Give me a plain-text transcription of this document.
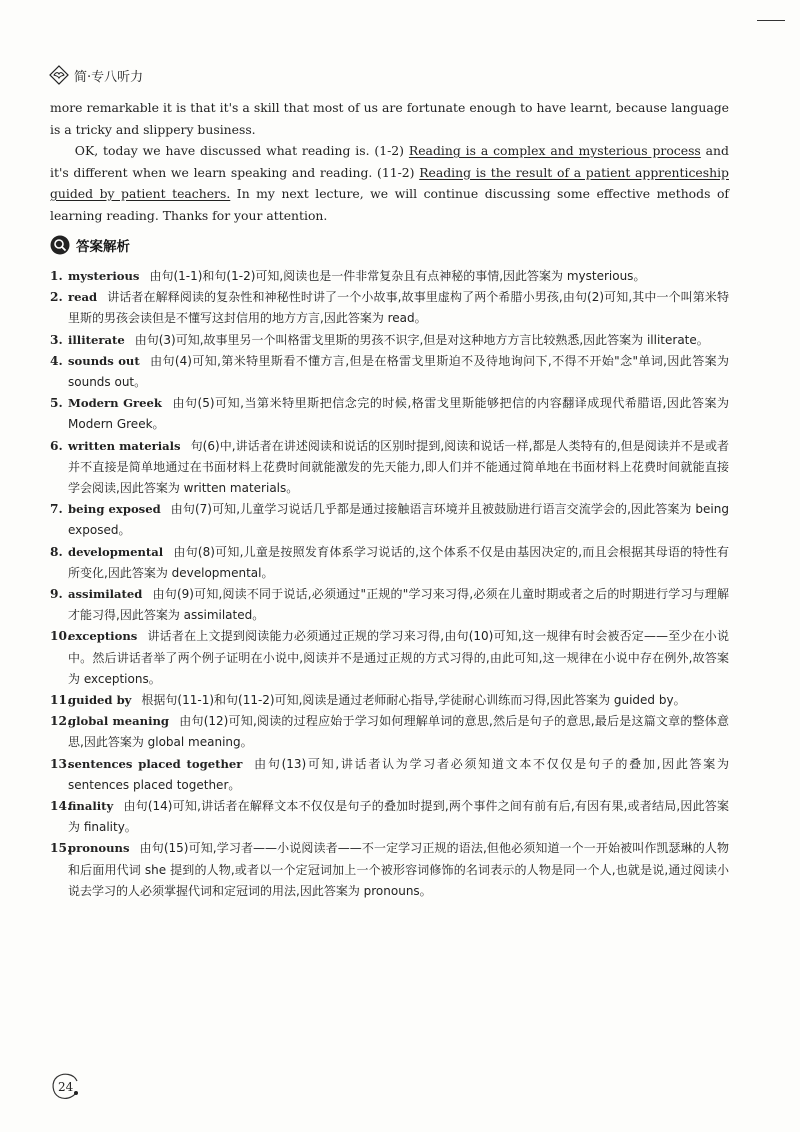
简·专八听力

more remarkable it is that it's a skill that most of us are fortunate enough to have learnt, because language is a tricky and slippery business.

OK, today we have discussed what reading is. (1-2) Reading is a complex and mysterious process and it's different when we learn speaking and reading. (11-2) Reading is the result of a patient apprenticeship guided by patient teachers. In my next lecture, we will continue discussing some effective methods of learning reading. Thanks for your attention.

答案解析
1. mysterious 由句(1-1)和句(1-2)可知,阅读也是一件非常复杂且有点神秘的事情,因此答案为 mysterious。
2. read 讲话者在解释阅读的复杂性和神秘性时讲了一个小故事,故事里虚构了两个希腊小男孩,由句(2)可知,其中一个叫第米特里斯的男孩会读但是不懂写这封信用的地方方言,因此答案为 read。
3. illiterate 由句(3)可知,故事里另一个叫格雷戈里斯的男孩不识字,但是对这种地方方言比较熟悉,因此答案为 illiterate。
4. sounds out 由句(4)可知,第米特里斯看不懂方言,但是在格雷戈里斯迫不及待地询问下,不得不开始"念"单词,因此答案为 sounds out。
5. Modern Greek 由句(5)可知,当第米特里斯把信念完的时候,格雷戈里斯能够把信的内容翻译成现代希腊语,因此答案为 Modern Greek。
6. written materials 句(6)中,讲话者在讲述阅读和说话的区别时提到,阅读和说话一样,都是人类特有的,但是阅读并不是或者并不直接是简单地通过在书面材料上花费时间就能激发的先天能力,即人们并不能通过简单地在书面材料上花费时间就能直接学会阅读,因此答案为 written materials。
7. being exposed 由句(7)可知,儿童学习说话几乎都是通过接触语言环境并且被鼓励进行语言交流学会的,因此答案为 being exposed。
8. developmental 由句(8)可知,儿童是按照发育体系学习说话的,这个体系不仅是由基因决定的,而且会根据其母语的特性有所变化,因此答案为 developmental。
9. assimilated 由句(9)可知,阅读不同于说话,必须通过"正规的"学习来习得,必须在儿童时期或者之后的时期进行学习与理解才能习得,因此答案为 assimilated。
10.
exceptions 讲话者在上文提到阅读能力必须通过正规的学习来习得,由句(10)可知,这一规律有时会被否定——至少在小说中。然后讲话者举了两个例子证明在小说中,阅读并不是通过正规的方式习得的,由此可知,这一规律在小说中存在例外,故答案为 exceptions。
11.
guided by 根据句(11-1)和句(11-2)可知,阅读是通过老师耐心指导,学徒耐心训练而习得,因此答案为 guided by。
12.
global meaning 由句(12)可知,阅读的过程应始于学习如何理解单词的意思,然后是句子的意思,最后是这篇文章的整体意思,因此答案为 global meaning。
13.
sentences placed together 由句(13)可知,讲话者认为学习者必须知道文本不仅仅是句子的叠加,因此答案为 sentences placed together。
14.
finality 由句(14)可知,讲话者在解释文本不仅仅是句子的叠加时提到,两个事件之间有前有后,有因有果,或者结局,因此答案为 finality。
15.
pronouns 由句(15)可知,学习者——小说阅读者——不一定学习正规的语法,但他必须知道一个一开始被叫作凯瑟琳的人物和后面用代词 she 提到的人物,或者以一个定冠词加上一个被形容词修饰的名词表示的人物是同一个人,也就是说,通过阅读小说去学习的人必须掌握代词和定冠词的用法,因此答案为 pronouns。
24
